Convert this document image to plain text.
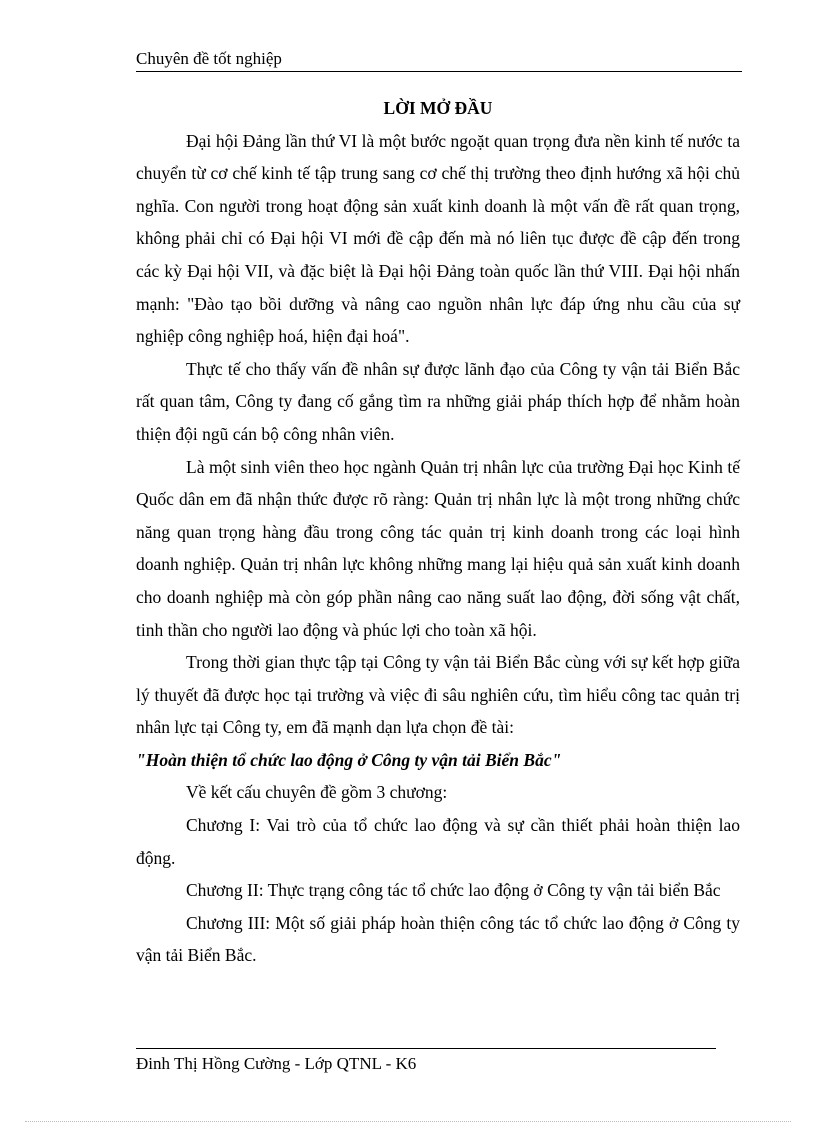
Chuyên đề tốt nghiệp
LỜI MỞ ĐẦU

Đại hội Đảng lần thứ VI là một bước ngoặt quan trọng đưa nền kinh tế nước ta chuyển từ cơ chế kinh tế tập trung sang cơ chế thị trường theo định hướng xã hội chủ nghĩa. Con người trong hoạt động sản xuất kinh doanh là một vấn đề rất quan trọng, không phải chỉ có Đại hội VI mới đề cập đến mà nó liên tục được đề cập đến trong các kỳ Đại hội VII, và đặc biệt là Đại hội Đảng toàn quốc lần thứ VIII. Đại hội nhấn mạnh: "Đào tạo bồi dưỡng và nâng cao nguồn nhân lực đáp ứng nhu cầu của sự nghiệp công nghiệp hoá, hiện đại hoá".

Thực tế cho thấy vấn đề nhân sự được lãnh đạo của Công ty vận tải Biển Bắc rất quan tâm, Công ty đang cố gắng tìm ra những giải pháp thích hợp để nhằm hoàn thiện đội ngũ cán bộ công nhân viên.

Là một sinh viên theo học ngành Quản trị nhân lực của trường Đại học Kinh tế Quốc dân em đã nhận thức được rõ ràng: Quản trị nhân lực là một trong những chức năng quan trọng hàng đầu trong công tác quản trị kinh doanh trong các loại hình doanh nghiệp. Quản trị nhân lực không những mang lại hiệu quả sản xuất kinh doanh cho doanh nghiệp mà còn góp phần nâng cao năng suất lao động, đời sống vật chất, tinh thần cho người lao động và phúc lợi cho toàn xã hội.

Trong thời gian thực tập tại Công ty vận tải Biển Bắc cùng với sự kết hợp giữa lý thuyết đã được học tại trường và việc đi sâu nghiên cứu, tìm hiểu công tac quản trị nhân lực tại Công ty, em đã mạnh dạn lựa chọn đề tài:

"Hoàn thiện tổ chức lao động ở Công ty vận tải Biển Bắc"

Về kết cấu chuyên đề gồm 3 chương:

Chương I: Vai trò của tổ chức lao động và sự cần thiết phải hoàn thiện lao động.

Chương II: Thực trạng công tác tổ chức lao động ở Công ty vận tải biển Bắc

Chương III: Một số giải pháp hoàn thiện công tác tổ chức lao động ở Công ty vận tải Biển Bắc.

Đinh Thị Hồng Cường - Lớp QTNL - K6
